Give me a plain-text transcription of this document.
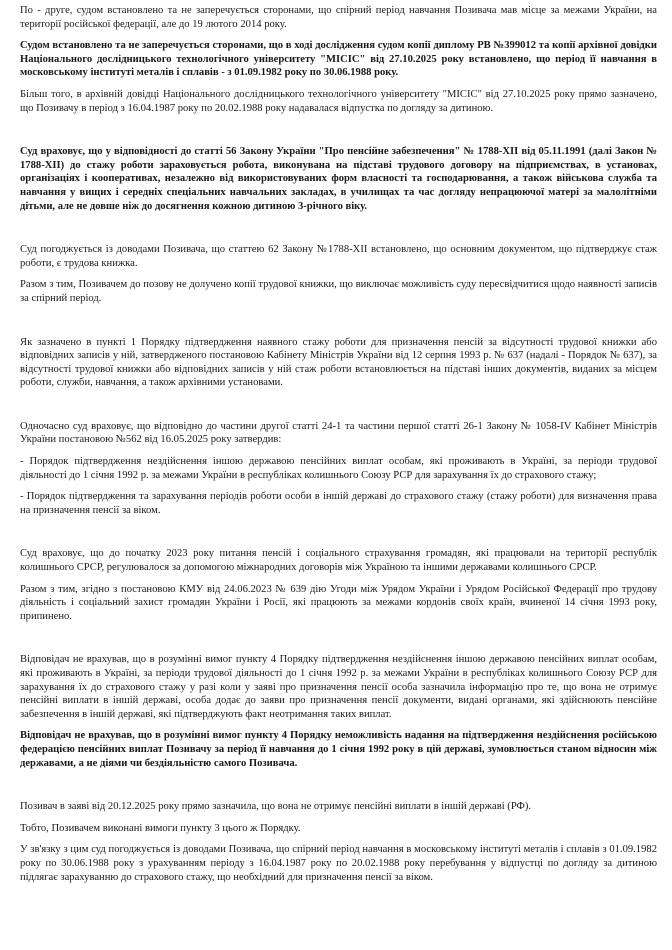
По - друге, судом встановлено та не заперечується сторонами, що спірний період навчання Позивача мав місце за межами України, на території російської федерації, але до 19 лютого 2014 року.

Судом встановлено та не заперечується сторонами, що в ході дослідження судом копії диплому РВ №399012 та копії архівної довідки Національного дослідницького технологічного університету "МІСІС" від 27.10.2025 року встановлено, що період її навчання в московському інституті металів і сплавів - з 01.09.1982 року по 30.06.1988 року.

Більш того, в архівній довідці Національного дослідницького технологічного університету "МІСІС" від 27.10.2025 року прямо зазначено, що Позивачу в період з 16.04.1987 року по 20.02.1988 року надавалася відпустка по догляду за дитиною.

Суд враховує, що у відповідності до статті 56 Закону України "Про пенсійне забезпечення" № 1788-XII від 05.11.1991 (далі Закон № 1788-XII) до стажу роботи зараховується робота, виконувана на підставі трудового договору на підприємствах, в установах, організаціях і кооперативах, незалежно від використовуваних форм власності та господарювання, а також військова служба та навчання у вищих і середніх спеціальних навчальних закладах, в училищах та час догляду непрацюючої матері за малолітніми дітьми, але не довше ніж до досягнення кожною дитиною 3-річного віку.

Суд погоджується із доводами Позивача, що статтею 62 Закону №1788-XII встановлено, що основним документом, що підтверджує стаж роботи, є трудова книжка.

Разом з тим, Позивачем до позову не долучено копії трудової книжки, що виключає можливість суду пересвідчитися щодо наявності записів за спірний період.

Як зазначено в пункті 1 Порядку підтвердження наявного стажу роботи для призначення пенсій за відсутності трудової книжки або відповідних записів у ній, затвердженого постановою Кабінету Міністрів України від 12 серпня 1993 р. № 637 (надалі - Порядок № 637), за відсутності трудової книжки або відповідних записів у ній стаж роботи встановлюється на підставі інших документів, виданих за місцем роботи, служби, навчання, а також архівними установами.

Одночасно суд враховує, що відповідно до частини другої статті 24-1 та частини першої статті 26-1 Закону № 1058-IV Кабінет Міністрів України постановою №562 від 16.05.2025 року затвердив:

- Порядок підтвердження нездійснення іншою державою пенсійних виплат особам, які проживають в Україні, за періоди трудової діяльності до 1 січня 1992 р. за межами України в республіках колишнього Союзу РСР для зарахування їх до страхового стажу;

- Порядок підтвердження та зарахування періодів роботи особи в іншій державі до страхового стажу (стажу роботи) для визначення права на призначення пенсії за віком.

Суд враховує, що до початку 2023 року питання пенсій і соціального страхування громадян, які працювали на території республік колишнього СРСР, регулювалося за допомогою міжнародних договорів між Україною та іншими державами колишнього СРСР.

Разом з тим, згідно з постановою КМУ від 24.06.2023 № 639 дію Угоди між Урядом України і Урядом Російської Федерації про трудову діяльність і соціальний захист громадян України і Росії, які працюють за межами кордонів своїх країн, вчиненої 14 січня 1993 року, припинено.

Відповідач не врахував, що в розумінні вимог пункту 4 Порядку підтвердження нездійснення іншою державою пенсійних виплат особам, які проживають в Україні, за періоди трудової діяльності до 1 січня 1992 р. за межами України в республіках колишнього Союзу РСР для зарахування їх до страхового стажу у разі коли у заяві про призначення пенсії особа зазначила інформацію про те, що вона не отримує пенсійні виплати в іншій державі, особа додає до заяви про призначення пенсії документи, видані органами, які здійснюють пенсійне забезпечення в іншій державі, які підтверджують факт неотримання таких виплат.

Відповідач не врахував, що в розумінні вимог пункту 4 Порядку неможливість надання на підтвердження нездійснення російською федерацією пенсійних виплат Позивачу за період її навчання до 1 січня 1992 року в цій державі, зумовлюється станом відносин між державами, а не діями чи бездіяльністю самого Позивача.

Позивач в заяві від 20.12.2025 року прямо зазначила, що вона не отримує пенсійні виплати в іншій державі (РФ).

Тобто, Позивачем виконані вимоги пункту 3 цього ж Порядку.

У зв'язку з цим суд погоджується із доводами Позивача, що спірний період навчання в московському інституті металів і сплавів з 01.09.1982 року по 30.06.1988 року з урахуванням періоду з 16.04.1987 року по 20.02.1988 року перебування у відпустці по догляду за дитиною підлягає зарахуванню до страхового стажу, що необхідний для призначення пенсії за віком.
